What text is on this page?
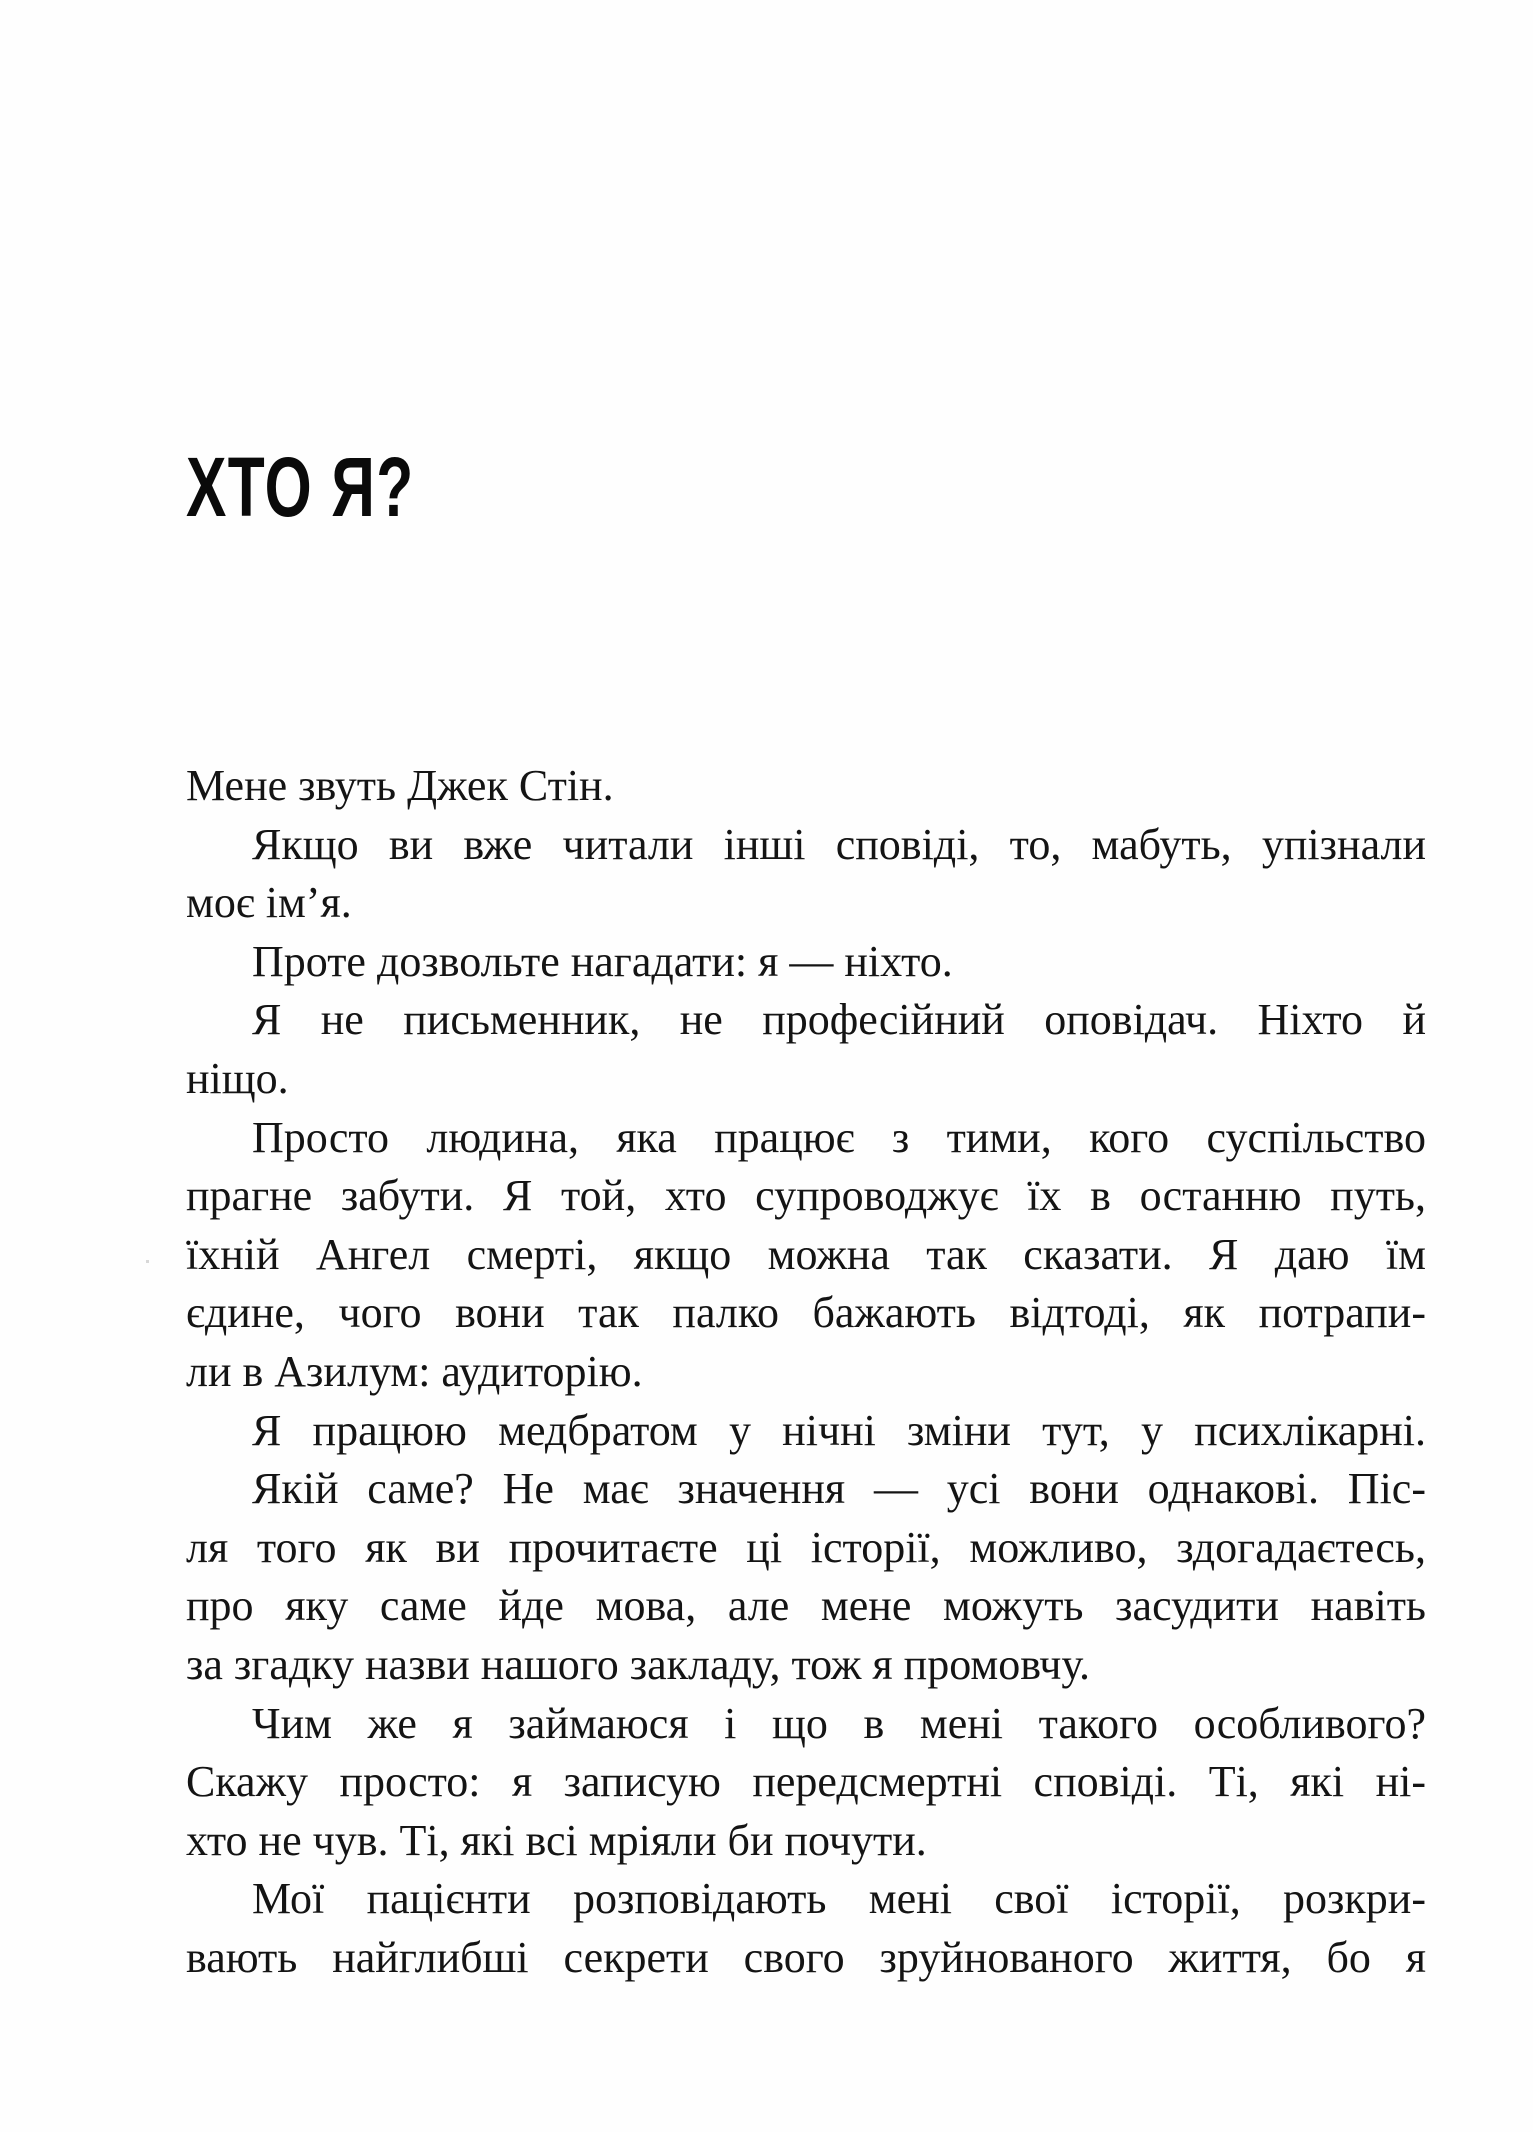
ХТО Я?
Мене звуть Джек Стін.
Якщо ви вже читали інші сповіді, то, мабуть, упізнали
моє ім’я.
Проте дозвольте нагадати: я — ніхто.
Я не письменник, не професійний оповідач. Ніхто й
ніщо.
Просто людина, яка працює з тими, кого суспільство
прагне забути. Я той, хто супроводжує їх в останню путь,
їхній Ангел смерті, якщо можна так сказати. Я даю їм
єдине, чого вони так палко бажають відтоді, як потрапи-
ли в Азилум: аудиторію.
Я працюю медбратом у нічні зміни тут, у психлікарні.
Якій саме? Не має значення — усі вони однакові. Піс-
ля того як ви прочитаєте ці історії, можливо, здогадаєтесь,
про яку саме йде мова, але мене можуть засудити навіть
за згадку назви нашого закладу, тож я промовчу.
Чим же я займаюся і що в мені такого особливого?
Скажу просто: я записую передсмертні сповіді. Ті, які ні-
хто не чув. Ті, які всі мріяли би почути.
Мої пацієнти розповідають мені свої історії, розкри-
вають найглибші секрети свого зруйнованого життя, бо я
